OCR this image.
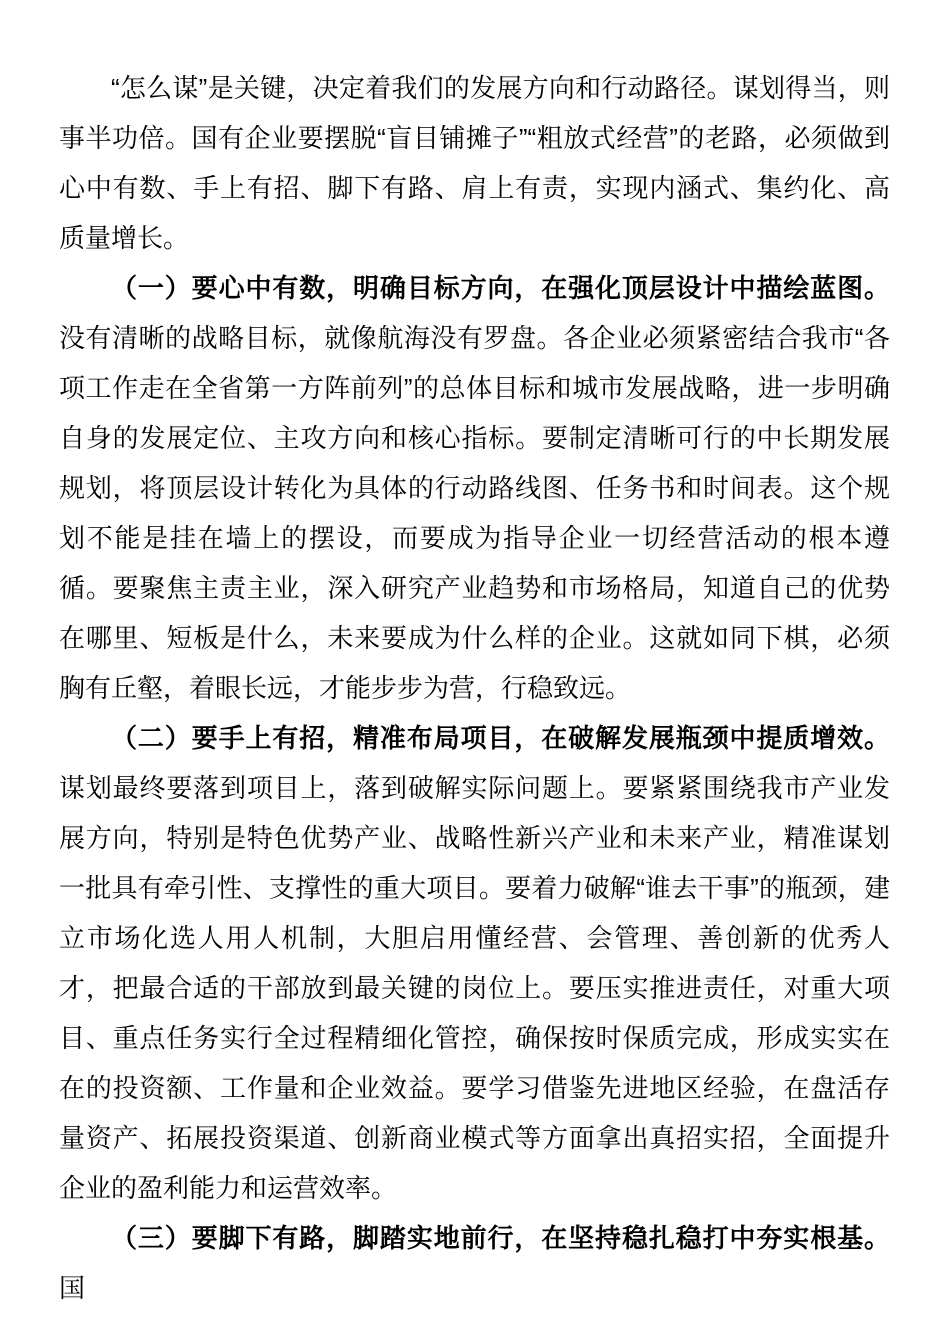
“怎么谋”是关键，决定着我们的发展方向和行动路径。谋划得当，则事半功倍。国有企业要摆脱“盲目铺摊子”“粗放式经营”的老路，必须做到心中有数、手上有招、脚下有路、肩上有责，实现内涵式、集约化、高质量增长。

（一）要心中有数，明确目标方向，在强化顶层设计中描绘蓝图。没有清晰的战略目标，就像航海没有罗盘。各企业必须紧密结合我市“各项工作走在全省第一方阵前列”的总体目标和城市发展战略，进一步明确自身的发展定位、主攻方向和核心指标。要制定清晰可行的中长期发展规划，将顶层设计转化为具体的行动路线图、任务书和时间表。这个规划不能是挂在墙上的摆设，而要成为指导企业一切经营活动的根本遵循。要聚焦主责主业，深入研究产业趋势和市场格局，知道自己的优势在哪里、短板是什么，未来要成为什么样的企业。这就如同下棋，必须胸有丘壑，着眼长远，才能步步为营，行稳致远。

（二）要手上有招，精准布局项目，在破解发展瓶颈中提质增效。谋划最终要落到项目上，落到破解实际问题上。要紧紧围绕我市产业发展方向，特别是特色优势产业、战略性新兴产业和未来产业，精准谋划一批具有牵引性、支撑性的重大项目。要着力破解“谁去干事”的瓶颈，建立市场化选人用人机制，大胆启用懂经营、会管理、善创新的优秀人才，把最合适的干部放到最关键的岗位上。要压实推进责任，对重大项目、重点任务实行全过程精细化管控，确保按时保质完成，形成实实在在的投资额、工作量和企业效益。要学习借鉴先进地区经验，在盘活存量资产、拓展投资渠道、创新商业模式等方面拿出真招实招，全面提升企业的盈利能力和运营效率。

（三）要脚下有路，脚踏实地前行，在坚持稳扎稳打中夯实根基。国
